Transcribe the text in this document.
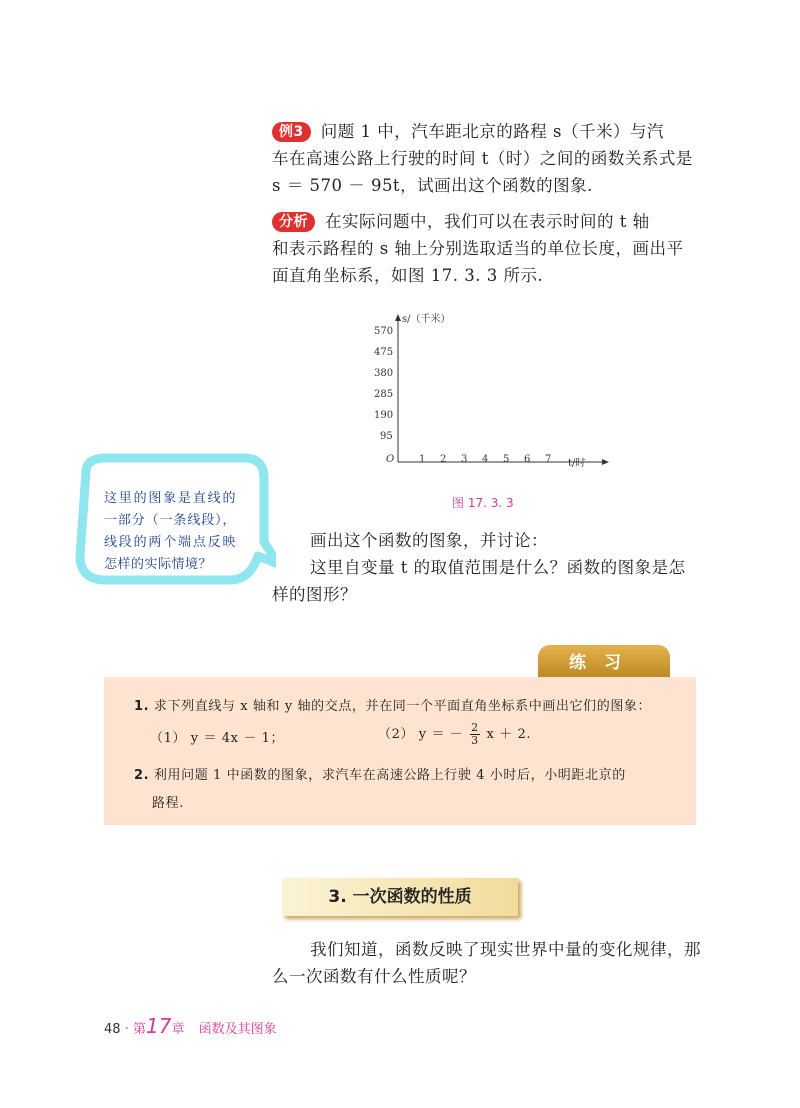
例3 问题 1 中，汽车距北京的路程 s（千米）与汽
车在高速公路上行驶的时间 t（时）之间的函数关系式是
s ＝ 570 － 95t，试画出这个函数的图象.

分析 在实际问题中，我们可以在表示时间的 t 轴
和表示路程的 s 轴上分别选取适当的单位长度，画出平
面直角坐标系，如图 17. 3. 3 所示.

s/（千米）
570
475
380
285
190
95
O 1 2 3 4 5 6 7 t/时
图 17. 3. 3
这里的图象是直线的一部分（一条线段），线段的两个端点反映怎样的实际情境？

画出这个函数的图象，并讨论：
这里自变量 t 的取值范围是什么？函数的图象是怎
样的图形？

练习
1. 求下列直线与 x 轴和 y 轴的交点，并在同一个平面直角坐标系中画出它们的图象：
（1） y ＝ 4x － 1；	（2） y ＝ － $\frac{2}{3}$ x ＋ 2.
2. 利用问题 1 中函数的图象，求汽车在高速公路上行驶 4 小时后，小明距北京的
路程.
3. 一次函数的性质

我们知道，函数反映了现实世界中量的变化规律，那
么一次函数有什么性质呢？

48 · 第17章 函数及其图象
